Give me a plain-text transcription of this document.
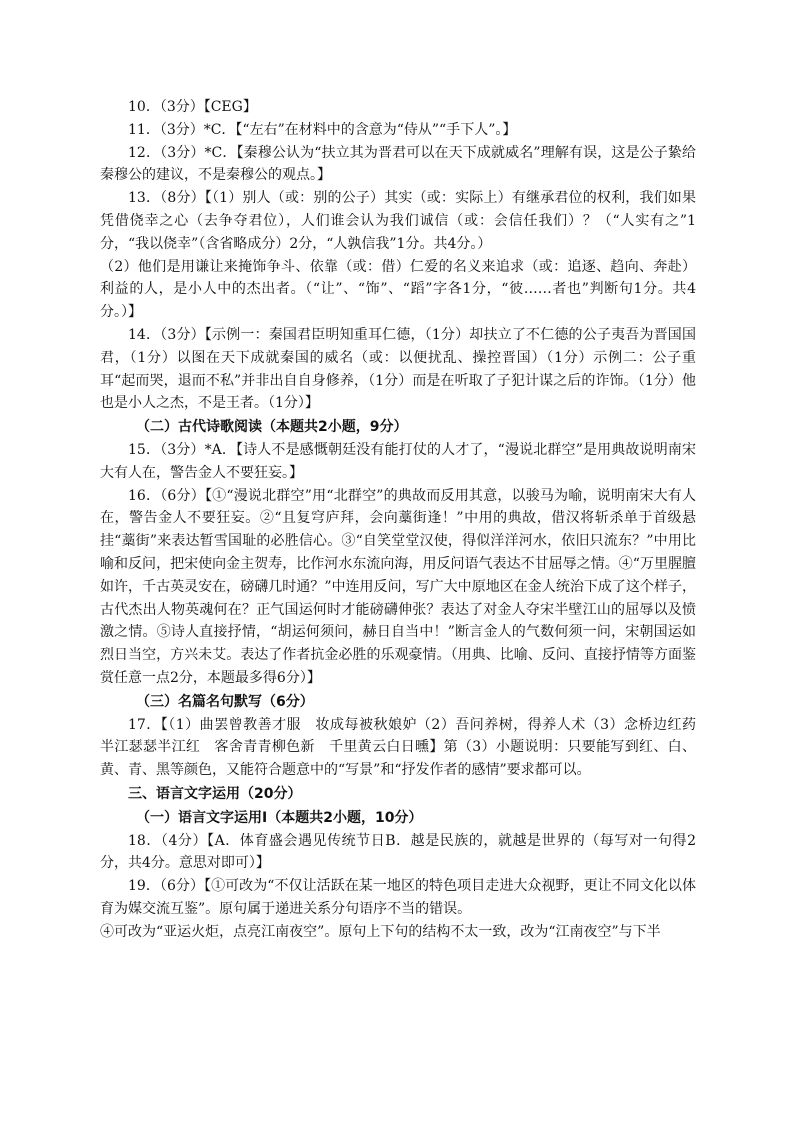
10．（3分）【CEG】

11．（3分）*C．【“左右”在材料中的含意为“侍从”“手下人”。】

12．（3分）*C．【秦穆公认为“扶立其为晋君可以在天下成就威名”理解有误，这是公子絷给秦穆公的建议，不是秦穆公的观点。】

13．（8分）【（1）别人（或：别的公子）其实（或：实际上）有继承君位的权利，我们如果凭借侥幸之心（去争夺君位），人们谁会认为我们诚信（或：会信任我们）？（“人实有之”1分，“我以侥幸”（含省略成分）2分，“人孰信我”1分。共4分。）

（2）他们是用谦让来掩饰争斗、依靠（或：借）仁爱的名义来追求（或：追逐、趋向、奔赴）利益的人，是小人中的杰出者。（“让”、“饰”、“蹈”字各1分，“彼……者也”判断句1分。共4分。）】

14．（3分）【示例一：秦国君臣明知重耳仁德，（1分）却扶立了不仁德的公子夷吾为晋国国君，（1分）以图在天下成就秦国的威名（或：以便扰乱、操控晋国）（1分）示例二：公子重耳“起而哭，退而不私”并非出自自身修养，（1分）而是在听取了子犯计谋之后的诈饰。（1分）他也是小人之杰，不是王者。（1分）】

（二）古代诗歌阅读（本题共2小题，9分）

15．（3分）*A．【诗人不是感慨朝廷没有能打仗的人才了，“漫说北群空”是用典故说明南宋大有人在，警告金人不要狂妄。】

16．（6分）【①“漫说北群空”用“北群空”的典故而反用其意，以骏马为喻，说明南宋大有人在，警告金人不要狂妄。②“且复穹庐拜，会向藁街逢！”中用的典故，借汉将斩杀单于首级悬挂“藁街”来表达暂雪国耻的必胜信心。③“自笑堂堂汉使，得似洋洋河水，依旧只流东？”中用比喻和反问，把宋使向金主贺寿，比作河水东流向海，用反问语气表达不甘屈辱之情。④“万里腥膻如许，千古英灵安在，磅礴几时通？”中连用反问，写广大中原地区在金人统治下成了这个样子，古代杰出人物英魂何在？正气国运何时才能磅礴伸张？表达了对金人夺宋半壁江山的屈辱以及愤激之情。⑤诗人直接抒情，“胡运何须问，赫日自当中！”断言金人的气数何须一问，宋朝国运如烈日当空，方兴未艾。表达了作者抗金必胜的乐观豪情。（用典、比喻、反问、直接抒情等方面鉴赏任意一点2分，本题最多得6分）】

（三）名篇名句默写（6分）

17．【（1）曲罢曾教善才服　妆成每被秋娘妒（2）吾问养树，得养人术（3）念桥边红药　半江瑟瑟半江红　客舍青青柳色新　千里黄云白日曛】第（3）小题说明：只要能写到红、白、黄、青、黑等颜色，又能符合题意中的“写景”和“抒发作者的感情”要求都可以。

三、语言文字运用（20分）

（一）语言文字运用Ⅰ（本题共2小题，10分）

18．（4分）【A．体育盛会遇见传统节日B．越是民族的，就越是世界的（每写对一句得2分，共4分。意思对即可）】

19．（6分）【①可改为“不仅让活跃在某一地区的特色项目走进大众视野，更让不同文化以体育为媒交流互鉴”。原句属于递进关系分句语序不当的错误。

④可改为“亚运火炬，点亮江南夜空”。原句上下句的结构不太一致，改为“江南夜空”与下半
